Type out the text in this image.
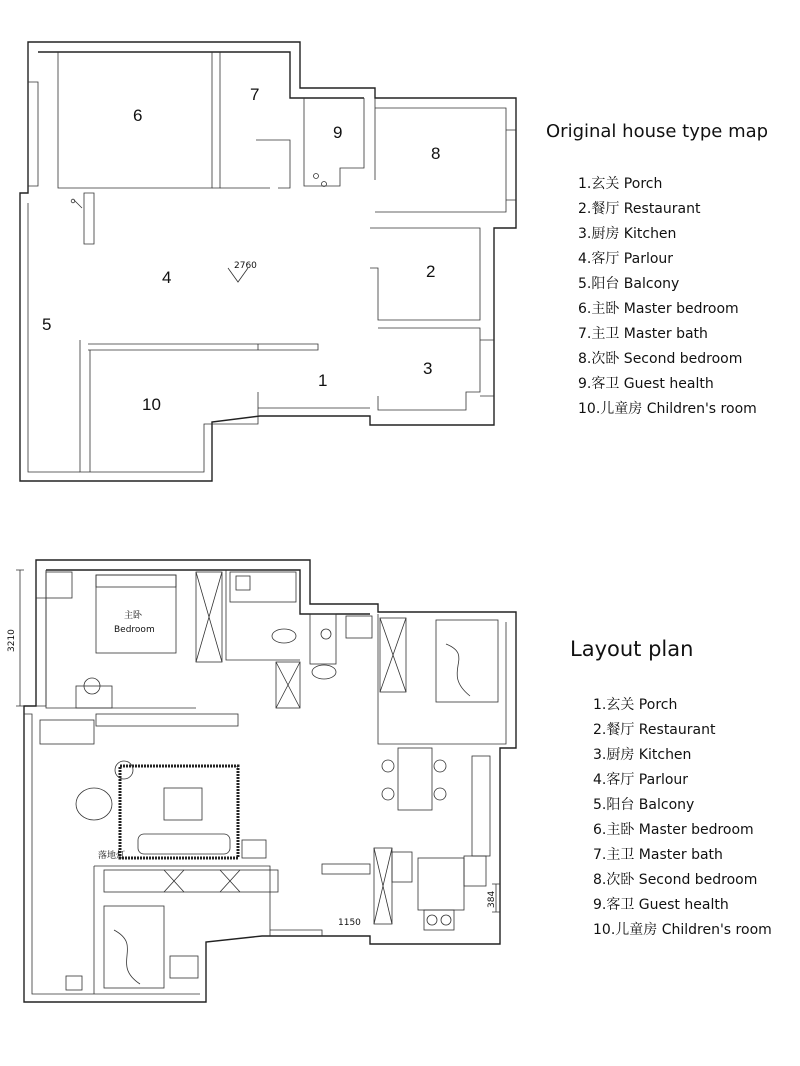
2760
6
7
9
8
4	2
5
3
1
10
主卧
Bedroom
落地灯
3210
1150
384
Original house type map
1.玄关 Porch
2.餐厅 Restaurant
3.厨房 Kitchen
4.客厅 Parlour
5.阳台 Balcony
6.主卧 Master bedroom
7.主卫 Master bath
8.次卧 Second bedroom
9.客卫 Guest health
10.儿童房 Children's room
Layout plan
1.玄关 Porch
2.餐厅 Restaurant
3.厨房 Kitchen
4.客厅 Parlour
5.阳台 Balcony
6.主卧 Master bedroom
7.主卫 Master bath
8.次卧 Second bedroom
9.客卫 Guest health
10.儿童房 Children's room
